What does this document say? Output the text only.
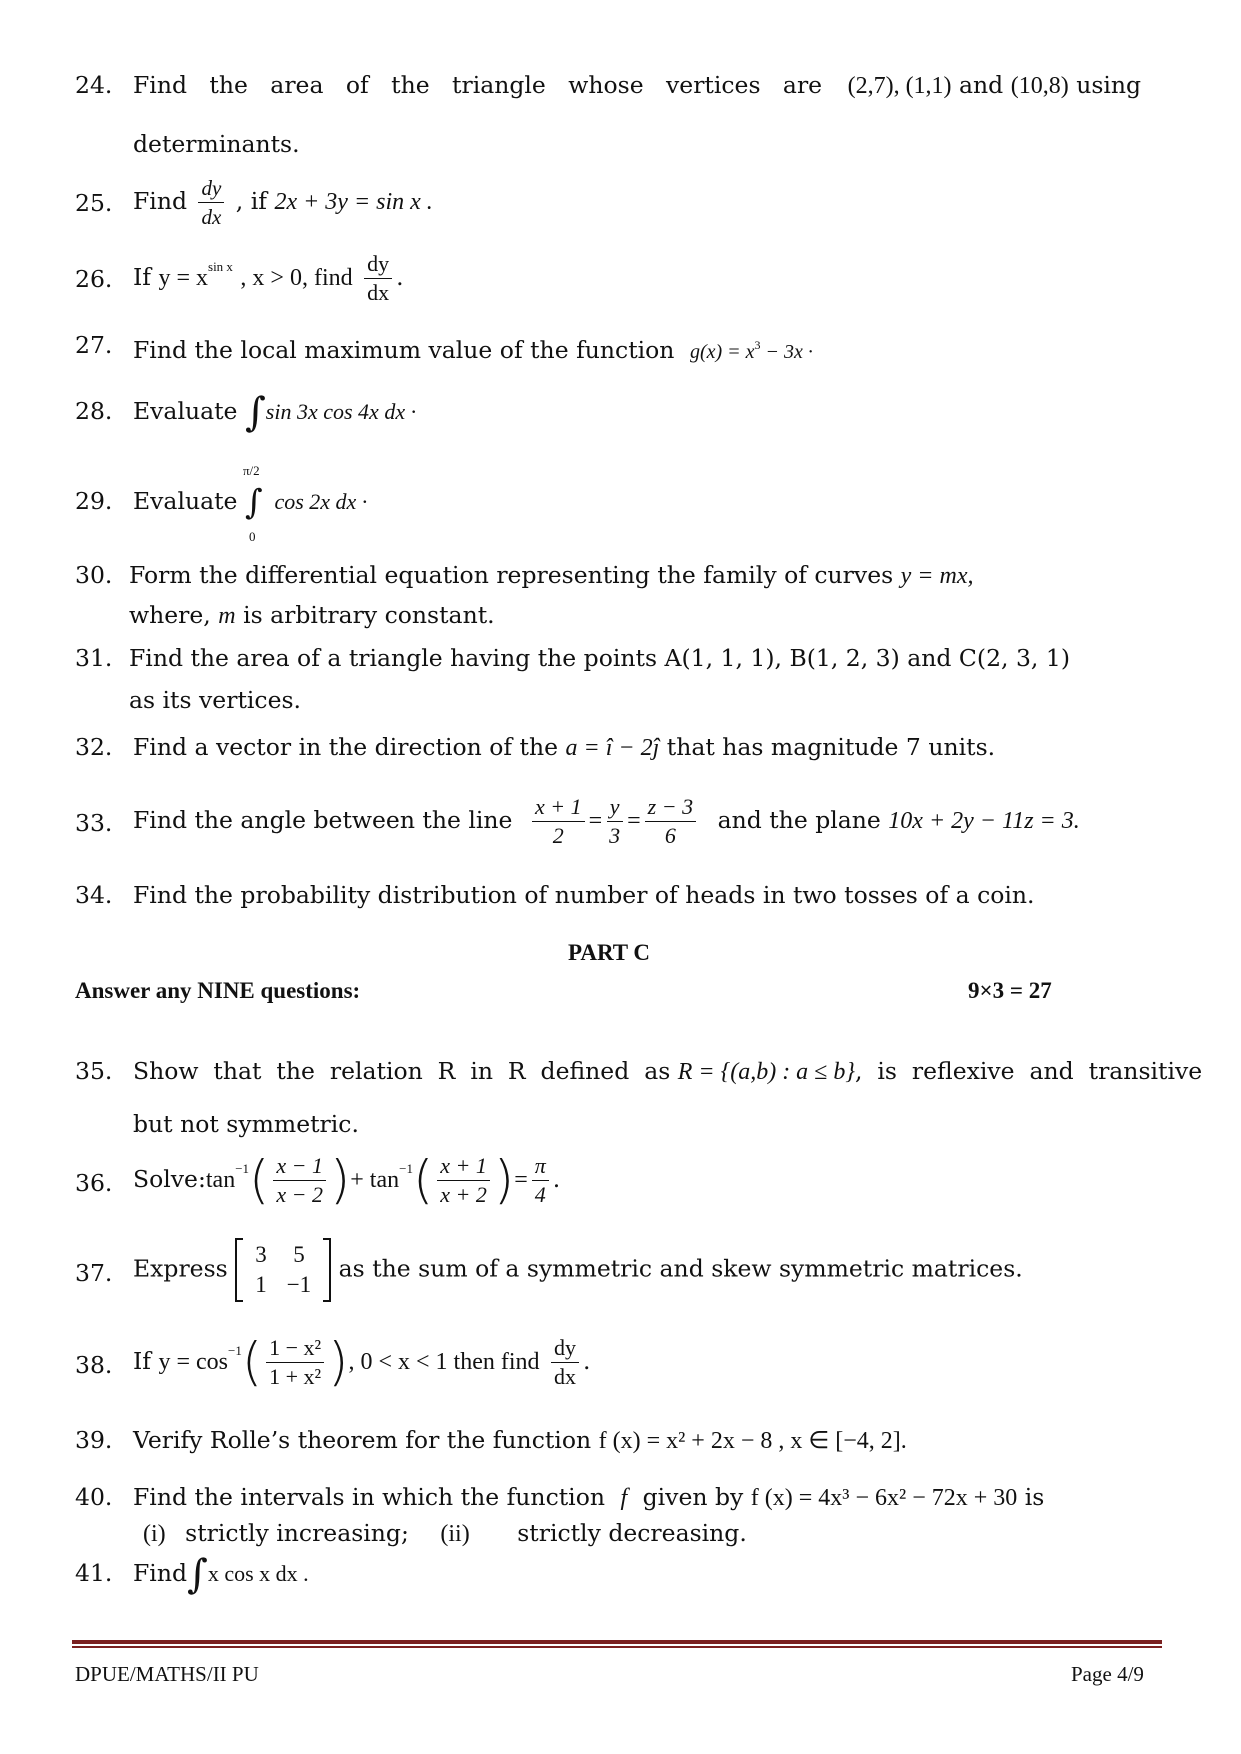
24. Find   the   area   of   the   triangle   whose   vertices   are (2,7), (1,1) and (10,8) using
determinants.
25. Find $\frac{dy}{dx}$ , if 2x + 3y = sin x .
26. If $y = x^{sin x}$ , x > 0, find $\frac{dy}{dx}$ .
27. Find the local maximum value of the function $g(x) = x^3 - 3x$ ·
28. Evaluate ∫sin 3x cos 4x dx ·
29. Evaluate
π/2
∫
0
cos 2x dx ·
30. Form the differential equation representing the family of curves y = mx,
where, m is arbitrary constant.
31. Find the area of a triangle having the points A(1, 1, 1), B(1, 2, 3) and C(2, 3, 1)
as its vertices.
32. Find a vector in the direction of the a = î − 2ĵ that has magnitude 7 units.
33. Find the angle between the line $\frac{x + 1}{2} = \frac{y}{3} = \frac{z - 3}{6}$ and the plane 10x + 2y − 11z = 3.
34. Find the probability distribution of number of heads in two tosses of a coin.
PART C
Answer any NINE questions:	9×3 = 27
35. Show  that  the  relation  R  in  R  defined  as R = {(a,b) : a ≤ b},  is  reflexive  and  transitive
but not symmetric.
36. $Solve:\tan^{-1}( \frac{x - 1}{x - 2}$ )+ $\tan^{-1}( \frac{x + 1}{x + 2}$ )= $\frac{\pi}{4}$ .
37. Express 3	5
1	−1
as the sum of a symmetric and skew symmetric matrices.
38. If $y = \cos^{-1}( \frac{\text{1 − x²}}{\text{1 + x²}}$ ), 0 < x < 1 then find $\frac{dy}{dx}$ .
39. Verify Rolle’s theorem for the function f (x) = x² + 2x − 8 , x ∈ [−4, 2].
40. Find the intervals in which the function f given by f (x) = 4x³ − 6x² − 72x + 30 is
(i) strictly increasing; (ii) strictly decreasing.
41. Find∫x cos x dx .
DPUE/MATHS/II PU	Page 4/9
